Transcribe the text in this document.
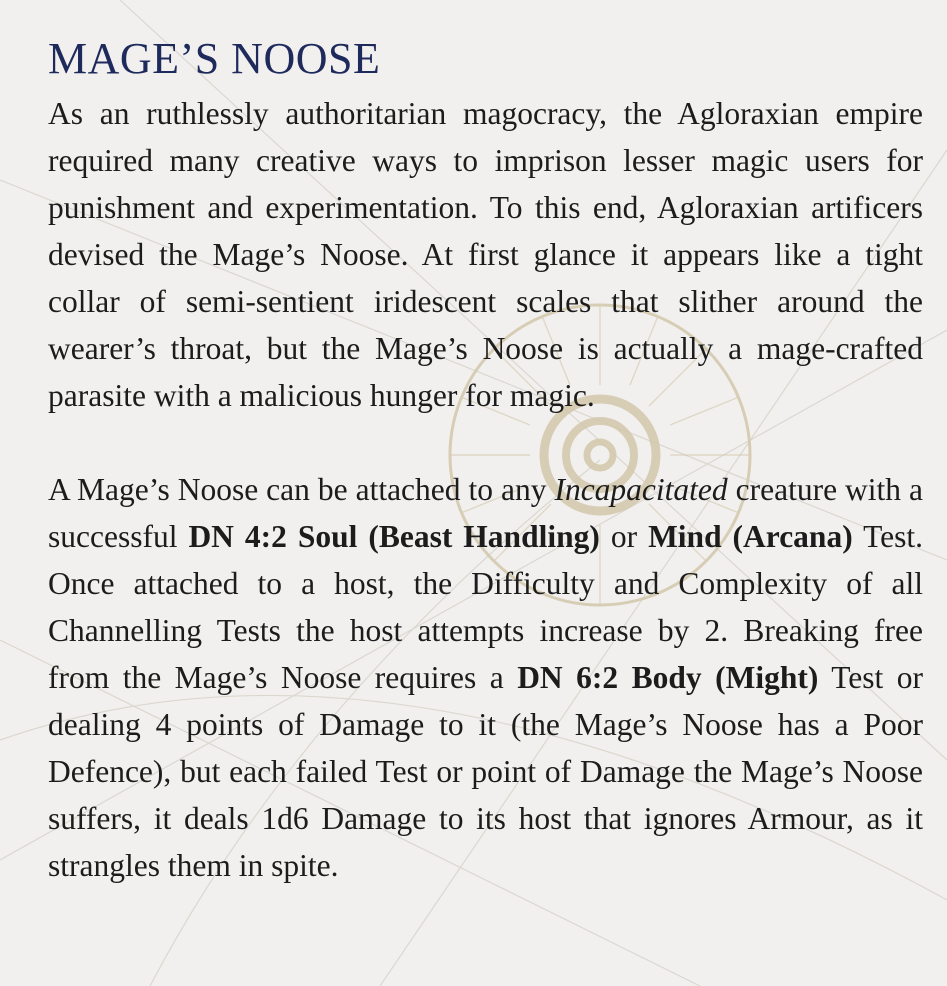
MAGE’S NOOSE

As an ruthlessly authoritarian magocracy, the Agloraxian empire required many creative ways to imprison lesser magic users for punishment and experimentation. To this end, Agloraxian artificers devised the Mage’s Noose. At first glance it appears like a tight collar of semi-sentient iridescent scales that slither around the wearer’s throat, but the Mage’s Noose is actually a mage-crafted parasite with a malicious hunger for magic.

A Mage’s Noose can be attached to any Incapacitated creature with a successful DN 4:2 Soul (Beast Handling) or Mind (Arcana) Test. Once attached to a host, the Difficulty and Complexity of all Channelling Tests the host attempts increase by 2. Breaking free from the Mage’s Noose requires a DN 6:2 Body (Might) Test or dealing 4 points of Damage to it (the Mage’s Noose has a Poor Defence), but each failed Test or point of Damage the Mage’s Noose suffers, it deals 1d6 Damage to its host that ignores Armour, as it strangles them in spite.
